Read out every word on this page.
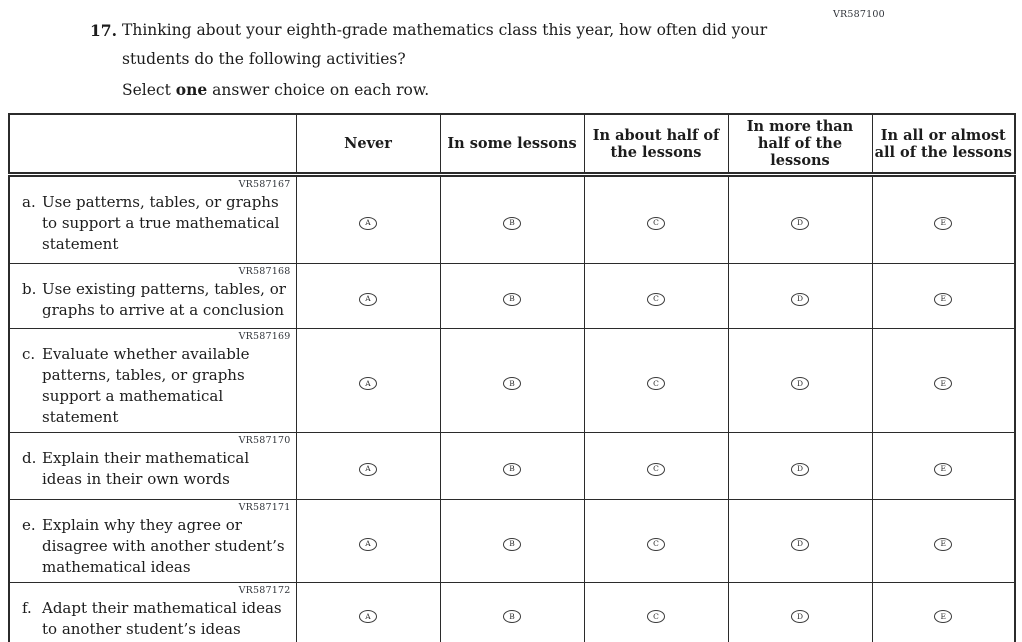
VR587100
17. Thinking about your eighth-grade mathematics class this year, how often did your students do the following activities?
Select one answer choice on each row.
	Never	In some lessons	In about half of the lessons	In more than half of the lessons	In all or almost all of the lessons

VR587167
a. Use patterns, tables, or graphs to support a true mathematical statement	A	B	C	D	E

VR587168
b. Use existing patterns, tables, or graphs to arrive at a conclusion	A	B	C	D	E

VR587169
c. Evaluate whether available patterns, tables, or graphs support a mathematical statement	A	B	C	D	E

VR587170
d. Explain their mathematical ideas in their own words	A	B	C	D	E

VR587171
e. Explain why they agree or disagree with another student’s mathematical ideas	A	B	C	D	E

VR587172
f. Adapt their mathematical ideas to another student’s ideas	A	B	C	D	E
